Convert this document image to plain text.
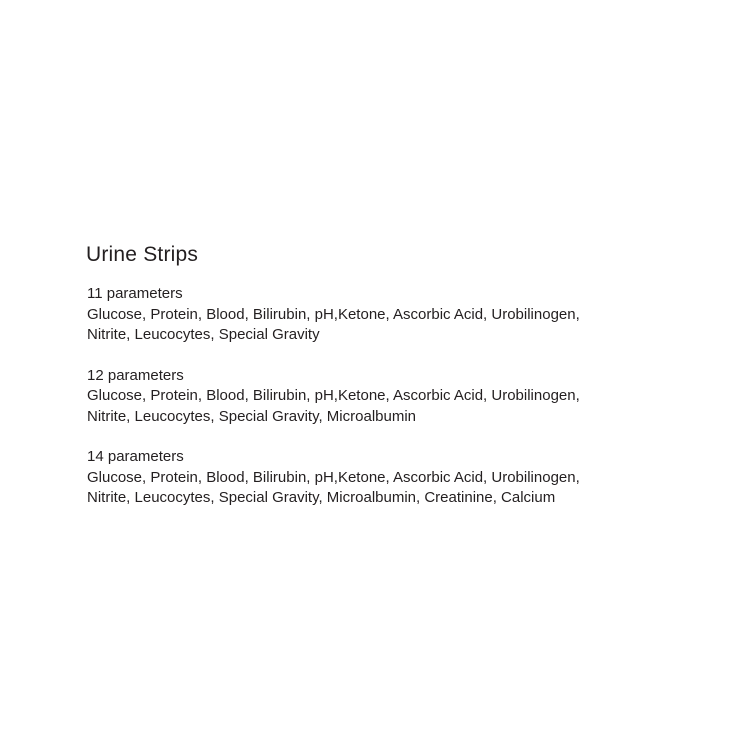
Urine Strips
11 parameters
Glucose, Protein, Blood, Bilirubin, pH,Ketone, Ascorbic Acid, Urobilinogen,
Nitrite, Leucocytes, Special Gravity
12 parameters
Glucose, Protein, Blood, Bilirubin, pH,Ketone, Ascorbic Acid, Urobilinogen,
Nitrite, Leucocytes, Special Gravity, Microalbumin
14 parameters
Glucose, Protein, Blood, Bilirubin, pH,Ketone, Ascorbic Acid, Urobilinogen,
Nitrite, Leucocytes, Special Gravity, Microalbumin, Creatinine, Calcium
